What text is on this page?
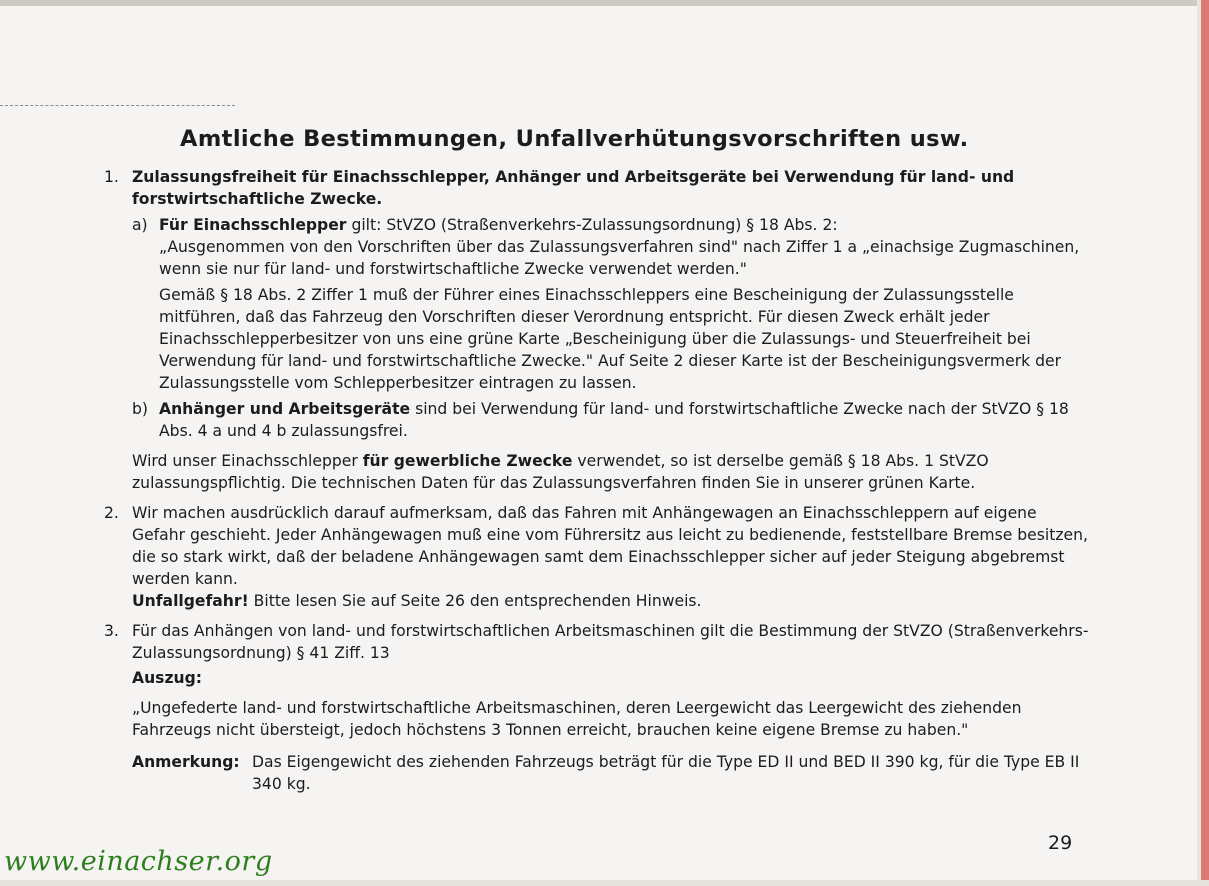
Amtliche Bestimmungen, Unfallverhütungsvorschriften usw.
1. Zulassungsfreiheit für Einachsschlepper, Anhänger und Arbeitsgeräte bei Verwendung für land- und forstwirtschaftliche Zwecke.

a) Für Einachsschlepper gilt: StVZO (Straßenverkehrs-Zulassungsordnung) § 18 Abs. 2:

„Ausgenommen von den Vorschriften über das Zulassungsverfahren sind" nach Ziffer 1 a „einachsige Zugmaschinen, wenn sie nur für land- und forstwirtschaftliche Zwecke verwendet werden."

Gemäß § 18 Abs. 2 Ziffer 1 muß der Führer eines Einachsschleppers eine Bescheinigung der Zulassungsstelle mitführen, daß das Fahrzeug den Vorschriften dieser Verordnung entspricht. Für diesen Zweck erhält jeder Einachsschlepperbesitzer von uns eine grüne Karte „Bescheinigung über die Zulassungs- und Steuerfreiheit bei Verwendung für land- und forstwirtschaftliche Zwecke." Auf Seite 2 dieser Karte ist der Bescheinigungsvermerk der Zulassungsstelle vom Schlepperbesitzer eintragen zu lassen.

b) Anhänger und Arbeitsgeräte sind bei Verwendung für land- und forstwirtschaftliche Zwecke nach der StVZO § 18 Abs. 4 a und 4 b zulassungsfrei.

Wird unser Einachsschlepper für gewerbliche Zwecke verwendet, so ist derselbe gemäß § 18 Abs. 1 StVZO zulassungspflichtig. Die technischen Daten für das Zulassungsverfahren finden Sie in unserer grünen Karte.

2. Wir machen ausdrücklich darauf aufmerksam, daß das Fahren mit Anhängewagen an Einachsschleppern auf eigene Gefahr geschieht. Jeder Anhängewagen muß eine vom Führersitz aus leicht zu bedienende, feststellbare Bremse besitzen, die so stark wirkt, daß der beladene Anhängewagen samt dem Einachsschlepper sicher auf jeder Steigung abgebremst werden kann.

Unfallgefahr! Bitte lesen Sie auf Seite 26 den entsprechenden Hinweis.

3. Für das Anhängen von land- und forstwirtschaftlichen Arbeitsmaschinen gilt die Bestimmung der StVZO (Straßenverkehrs-Zulassungsordnung) § 41 Ziff. 13

Auszug:

„Ungefederte land- und forstwirtschaftliche Arbeitsmaschinen, deren Leergewicht das Leergewicht des ziehenden Fahrzeugs nicht übersteigt, jedoch höchstens 3 Tonnen erreicht, brauchen keine eigene Bremse zu haben."

Anmerkung: Das Eigengewicht des ziehenden Fahrzeugs beträgt für die Type ED II und BED II 390 kg, für die Type EB II 340 kg.

29
www.einachser.org
